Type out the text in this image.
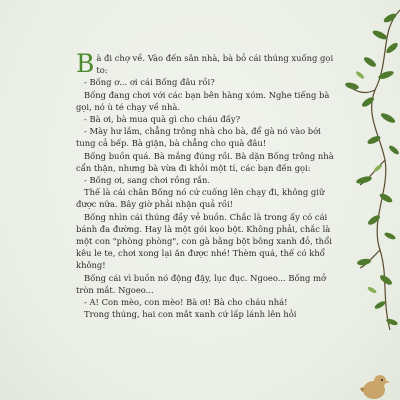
Bà đi chợ về. Vào đến sân nhà, bà bỏ cái thúng xuống gọi to:

- Bống ơ... ơi cái Bống đâu rồi?

Bống đang chơi với các bạn bên hàng xóm. Nghe tiếng bà gọi, nó ù té chạy về nhà.

- Bà ơi, bà mua quà gì cho cháu đấy?

- Mày hư lắm, chẳng trông nhà cho bà, để gà nó vào bới tung cả bếp. Bà giận, bà chẳng cho quà đâu!

Bống buồn quá. Bà mắng đúng rồi. Bà dặn Bống trông nhà cẩn thận, nhưng bà vừa đi khỏi một tí, các bạn đến gọi:

- Bống ơi, sang chơi rồng rắn.

Thế là cái chân Bống nó cứ cuống lên chạy đi, không giữ được nữa. Bây giờ phải nhận quả rồi!

Bống nhìn cái thúng đầy vẻ buồn. Chắc là trong ấy có cái bánh đa đường. Hay là một gói kẹo bột. Không phải, chắc là một con "phòng phòng", con gà bằng bột bông xanh đỏ, thổi kêu le te, chơi xong lại ăn được nhé! Thèm quá, thế có khổ không!

Bống cái vì buồn nó động đậy, lục đục. Ngoeo... Bống mở tròn mắt. Ngoeo...

- A! Con mèo, con mèo! Bà ơi! Bà cho cháu nhá!

Trong thúng, hai con mắt xanh cứ lấp lánh lên hỏi
